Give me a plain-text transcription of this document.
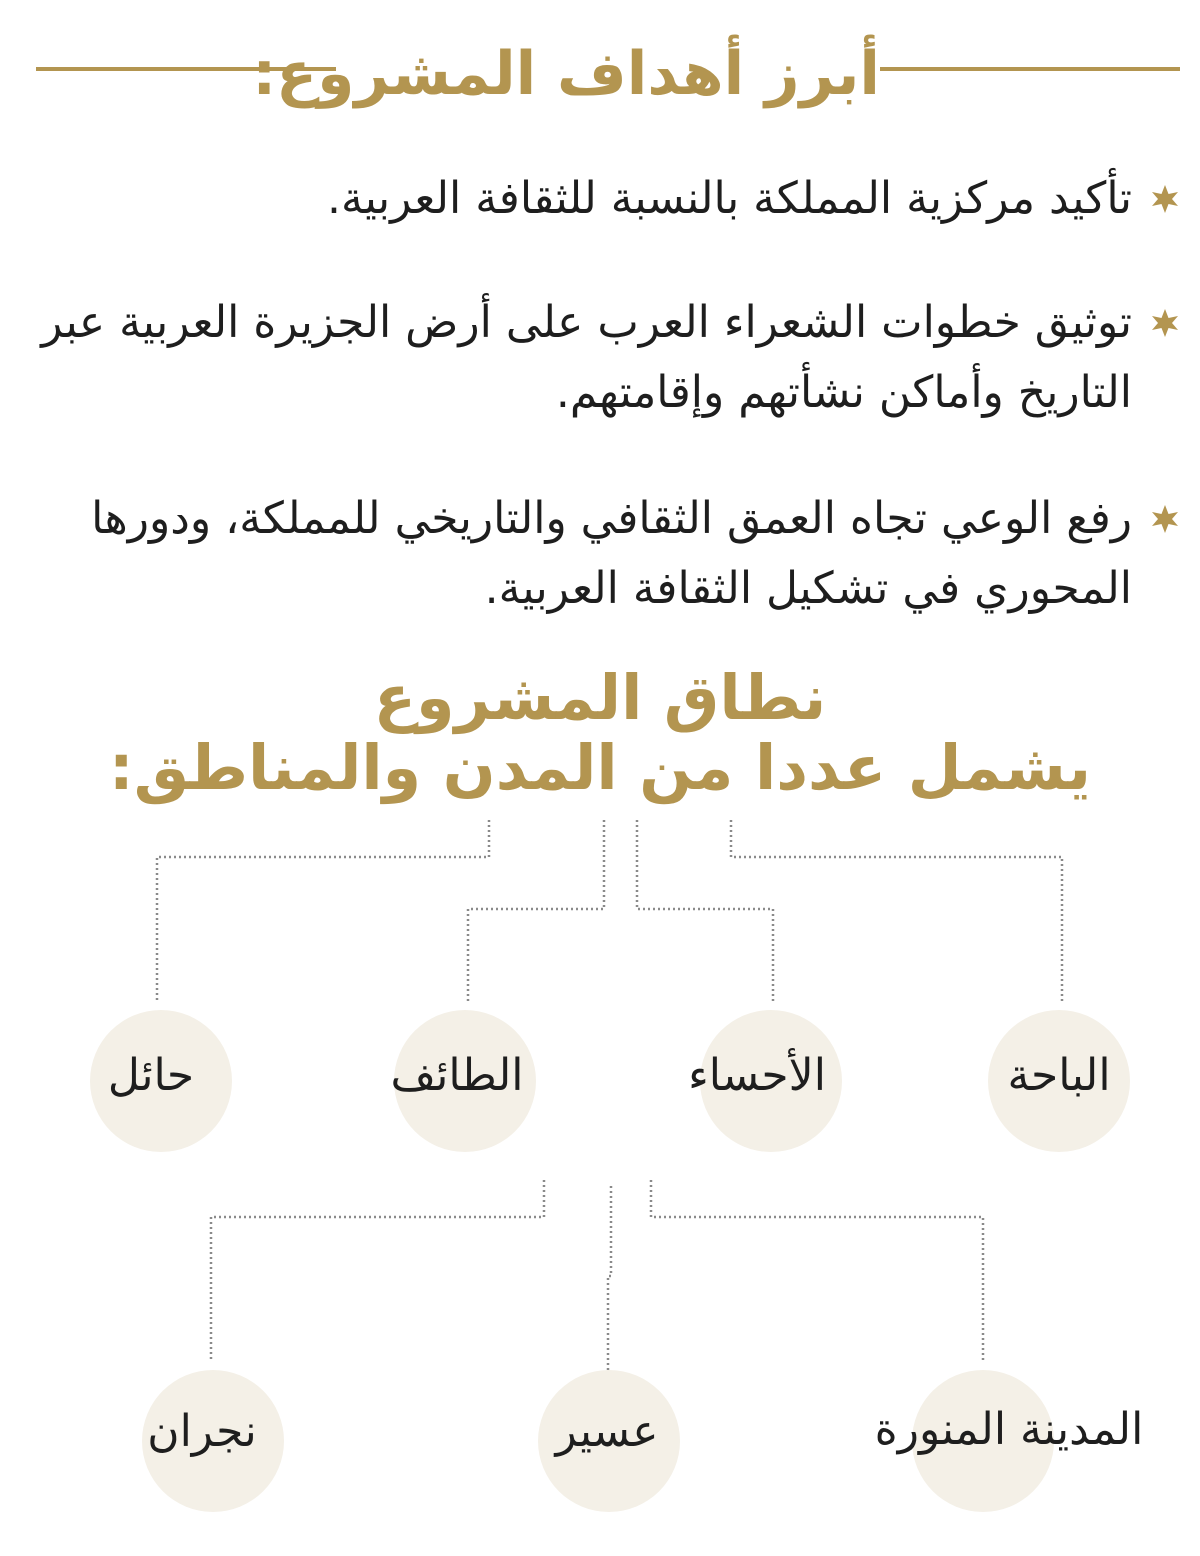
أبرز أهداف المشروع:
تأكيد مركزية المملكة بالنسبة للثقافة العربية.
توثيق خطوات الشعراء العرب على أرض الجزيرة العربية عبر
التاريخ وأماكن نشأتهم وإقامتهم.
رفع الوعي تجاه العمق الثقافي والتاريخي للمملكة، ودورها
المحوري في تشكيل الثقافة العربية.
نطاق المشروع
يشمل عددا من المدن والمناطق:
الباحة
الأحساء
الطائف
حائل
المدينة المنورة
عسير
نجران
